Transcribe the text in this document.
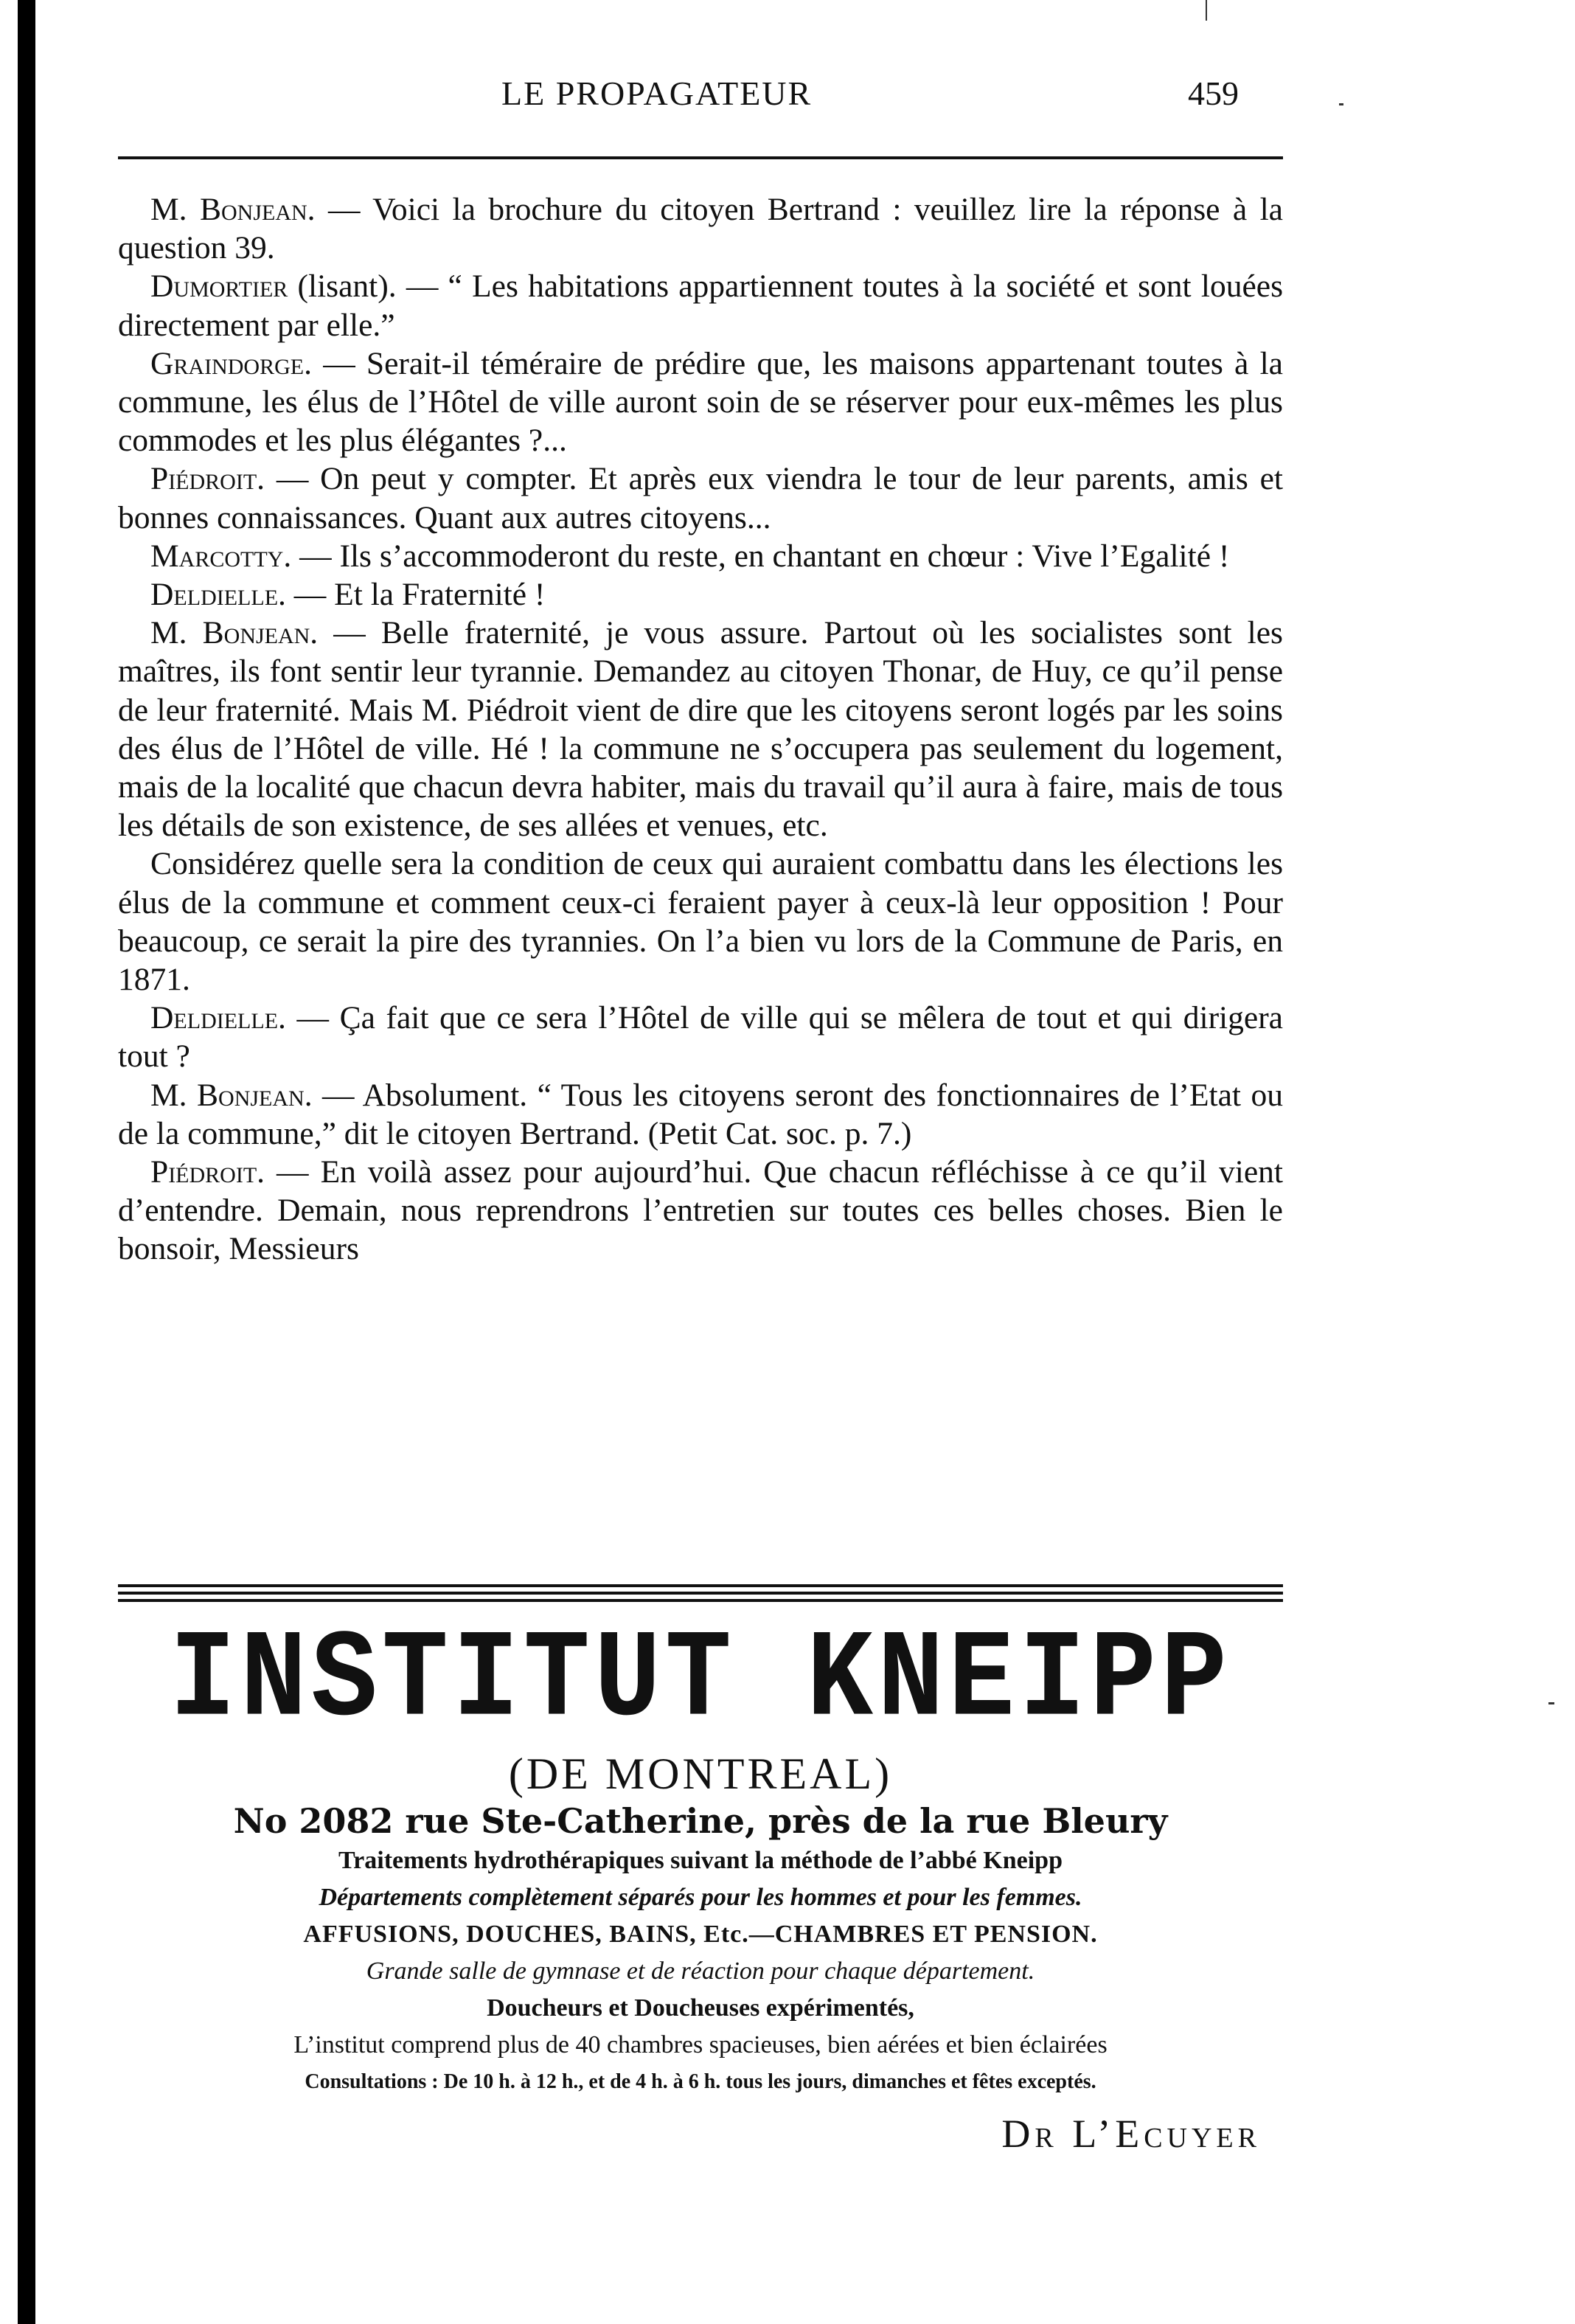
LE PROPAGATEUR	459

M. Bonjean. — Voici la brochure du citoyen Bertrand : veuillez lire la réponse à la question 39.

Dumortier (lisant). — “ Les habitations appartiennent toutes à la société et sont louées directement par elle.”

Graindorge. — Serait-il téméraire de prédire que, les maisons appartenant toutes à la commune, les élus de l’Hôtel de ville auront soin de se réserver pour eux-mêmes les plus commodes et les plus élégantes ?...

Piédroit. — On peut y compter. Et après eux viendra le tour de leur parents, amis et bonnes connaissances. Quant aux autres citoyens...

Marcotty. — Ils s’accommoderont du reste, en chantant en chœur : Vive l’Egalité !

Deldielle. — Et la Fraternité !

M. Bonjean. — Belle fraternité, je vous assure. Partout où les socialistes sont les maîtres, ils font sentir leur tyrannie. Demandez au citoyen Thonar, de Huy, ce qu’il pense de leur fraternité. Mais M. Piédroit vient de dire que les citoyens seront logés par les soins des élus de l’Hôtel de ville. Hé ! la commune ne s’occupera pas seulement du logement, mais de la localité que chacun devra habiter, mais du travail qu’il aura à faire, mais de tous les détails de son existence, de ses allées et venues, etc.

Considérez quelle sera la condition de ceux qui auraient combattu dans les élections les élus de la commune et comment ceux-ci feraient payer à ceux-là leur opposition ! Pour beaucoup, ce serait la pire des tyrannies. On l’a bien vu lors de la Commune de Paris, en 1871.

Deldielle. — Ça fait que ce sera l’Hôtel de ville qui se mêlera de tout et qui dirigera tout ?

M. Bonjean. — Absolument. “ Tous les citoyens seront des fonctionnaires de l’Etat ou de la commune,” dit le citoyen Bertrand. (Petit Cat. soc. p. 7.)

Piédroit. — En voilà assez pour aujourd’hui. Que chacun réfléchisse à ce qu’il vient d’entendre. Demain, nous reprendrons l’entretien sur toutes ces belles choses. Bien le bonsoir, Messieurs

INSTITUT KNEIPP
(DE MONTREAL)
No 2082 rue Ste-Catherine, près de la rue Bleury
Traitements hydrothérapiques suivant la méthode de l’abbé Kneipp
Départements complètement séparés pour les hommes et pour les femmes.
AFFUSIONS, DOUCHES, BAINS, Etc.—CHAMBRES ET PENSION.
Grande salle de gymnase et de réaction pour chaque département.
Doucheurs et Doucheuses expérimentés,
L’institut comprend plus de 40 chambres spacieuses, bien aérées et bien éclairées
Consultations : De 10 h. à 12 h., et de 4 h. à 6 h. tous les jours, dimanches et fêtes exceptés.
Dr L’Ecuyer
